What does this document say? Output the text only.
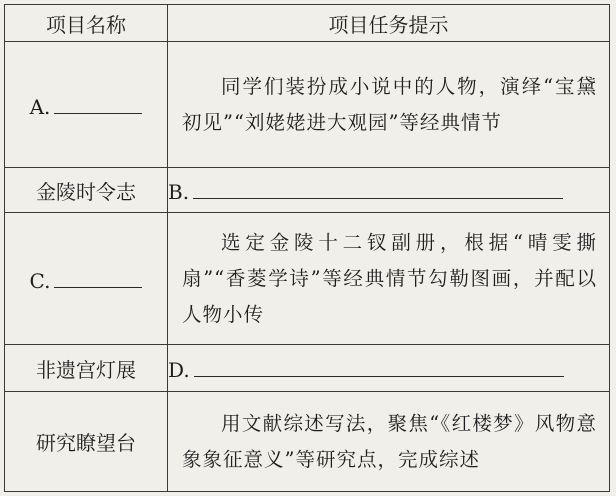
项目名称	项目任务提示
A.	同学们装扮成小说中的人物，演绎“宝黛初见”“刘姥姥进大观园”等经典情节

金陵时令志	B.
C.	选定金陵十二钗副册，根据“晴雯撕扇”“香菱学诗”等经典情节勾勒图画，并配以人物小传

非遗宫灯展	D.
研究瞭望台	用文献综述写法，聚焦“《红楼梦》风物意象象征意义”等研究点，完成综述
